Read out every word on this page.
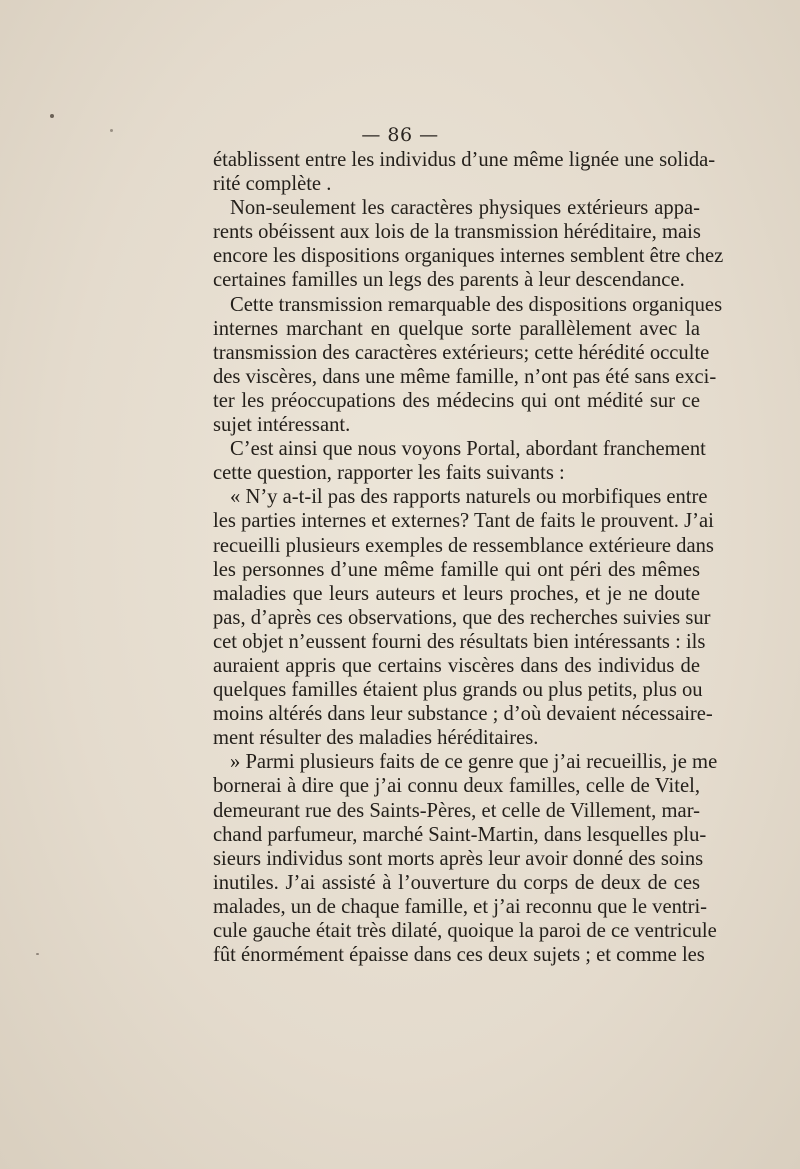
— 86 —
établissent entre les individus d’une même lignée une solida-
rité complète .
Non-seulement les caractères physiques extérieurs appa-
rents obéissent aux lois de la transmission héréditaire, mais
encore les dispositions organiques internes semblent être chez
certaines familles un legs des parents à leur descendance.
Cette transmission remarquable des dispositions organiques
internes marchant en quelque sorte parallèlement avec la
transmission des caractères extérieurs; cette hérédité occulte
des viscères, dans une même famille, n’ont pas été sans exci-
ter les préoccupations des médecins qui ont médité sur ce
sujet intéressant.
C’est ainsi que nous voyons Portal, abordant franchement
cette question, rapporter les faits suivants :
« N’y a-t-il pas des rapports naturels ou morbifiques entre
les parties internes et externes? Tant de faits le prouvent. J’ai
recueilli plusieurs exemples de ressemblance extérieure dans
les personnes d’une même famille qui ont péri des mêmes
maladies que leurs auteurs et leurs proches, et je ne doute
pas, d’après ces observations, que des recherches suivies sur
cet objet n’eussent fourni des résultats bien intéressants : ils
auraient appris que certains viscères dans des individus de
quelques familles étaient plus grands ou plus petits, plus ou
moins altérés dans leur substance ; d’où devaient nécessaire-
ment résulter des maladies héréditaires.
» Parmi plusieurs faits de ce genre que j’ai recueillis, je me
bornerai à dire que j’ai connu deux familles, celle de Vitel,
demeurant rue des Saints-Pères, et celle de Villement, mar-
chand parfumeur, marché Saint-Martin, dans lesquelles plu-
sieurs individus sont morts après leur avoir donné des soins
inutiles. J’ai assisté à l’ouverture du corps de deux de ces
malades, un de chaque famille, et j’ai reconnu que le ventri-
cule gauche était très dilaté, quoique la paroi de ce ventricule
fût énormément épaisse dans ces deux sujets ; et comme les
